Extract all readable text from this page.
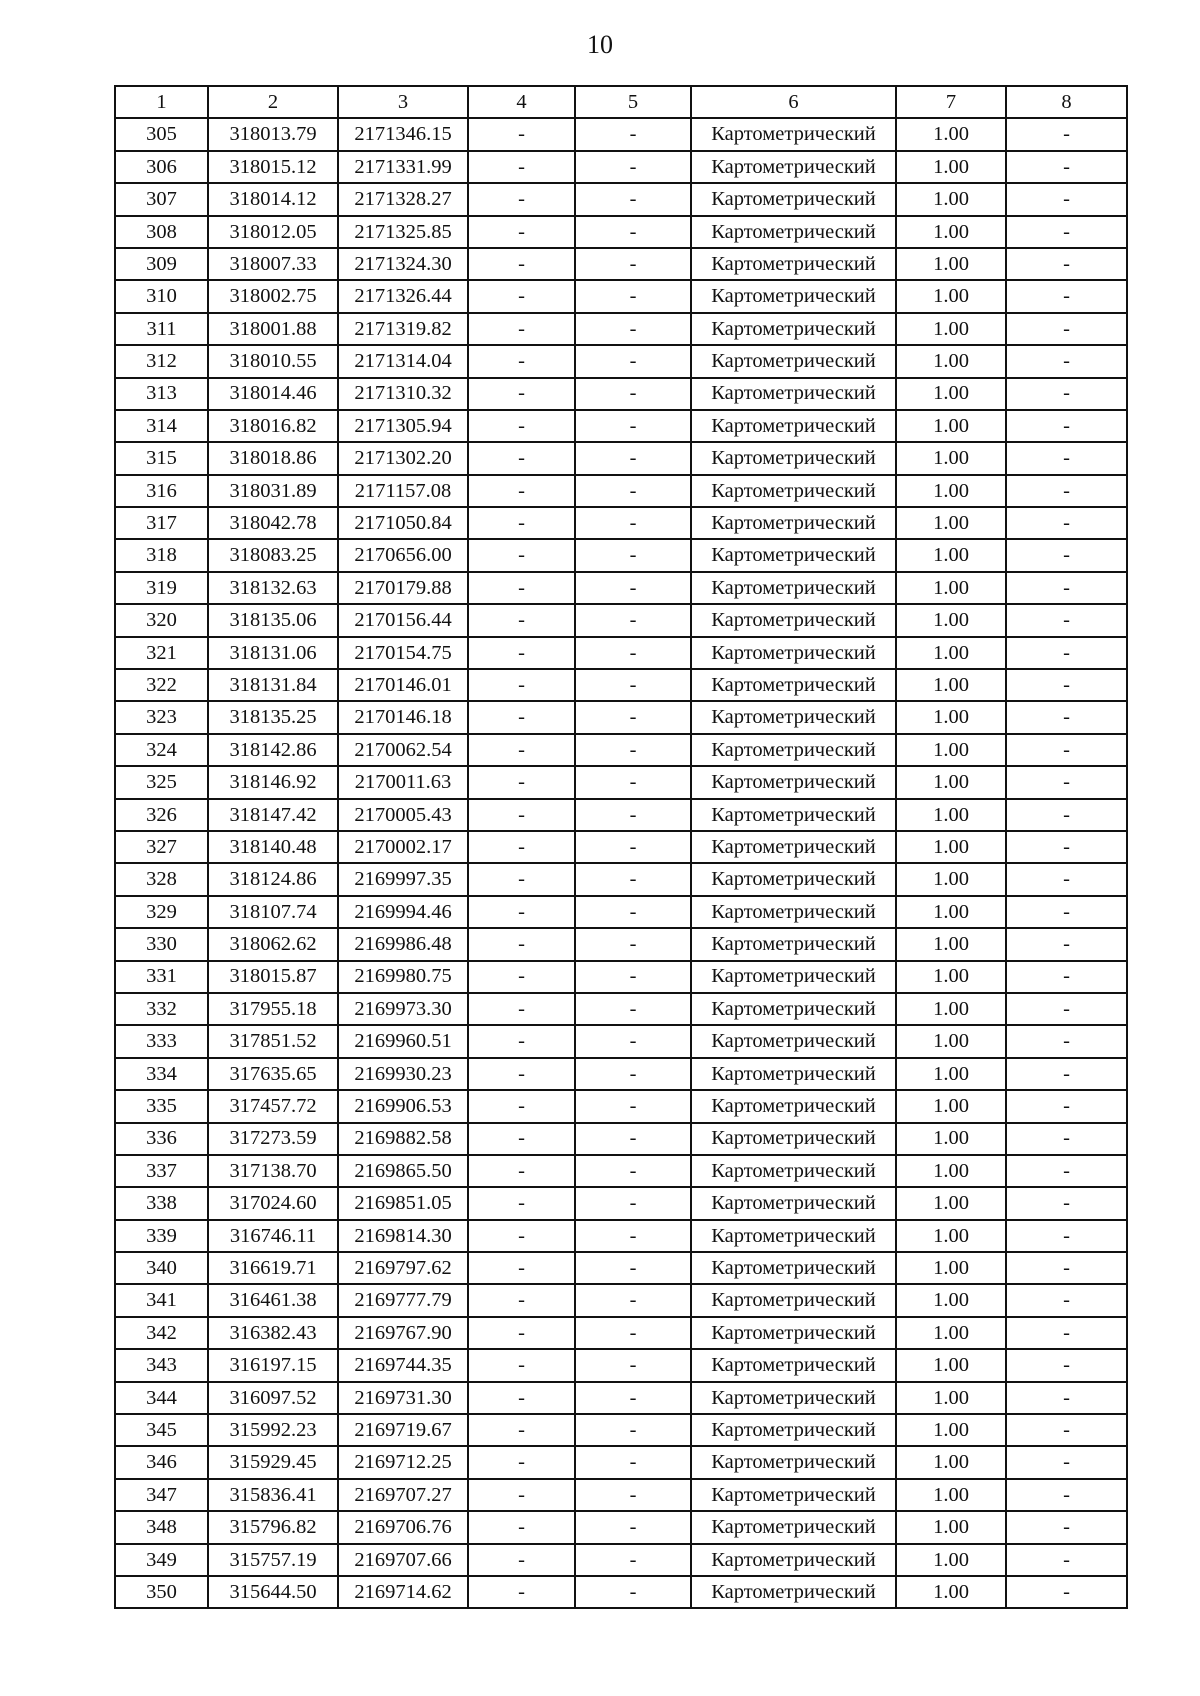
10
1	2	3	4	5	6	7	8
305	318013.79	2171346.15	-	-	Картометрический	1.00	-
306	318015.12	2171331.99	-	-	Картометрический	1.00	-
307	318014.12	2171328.27	-	-	Картометрический	1.00	-
308	318012.05	2171325.85	-	-	Картометрический	1.00	-
309	318007.33	2171324.30	-	-	Картометрический	1.00	-
310	318002.75	2171326.44	-	-	Картометрический	1.00	-
311	318001.88	2171319.82	-	-	Картометрический	1.00	-
312	318010.55	2171314.04	-	-	Картометрический	1.00	-
313	318014.46	2171310.32	-	-	Картометрический	1.00	-
314	318016.82	2171305.94	-	-	Картометрический	1.00	-
315	318018.86	2171302.20	-	-	Картометрический	1.00	-
316	318031.89	2171157.08	-	-	Картометрический	1.00	-
317	318042.78	2171050.84	-	-	Картометрический	1.00	-
318	318083.25	2170656.00	-	-	Картометрический	1.00	-
319	318132.63	2170179.88	-	-	Картометрический	1.00	-
320	318135.06	2170156.44	-	-	Картометрический	1.00	-
321	318131.06	2170154.75	-	-	Картометрический	1.00	-
322	318131.84	2170146.01	-	-	Картометрический	1.00	-
323	318135.25	2170146.18	-	-	Картометрический	1.00	-
324	318142.86	2170062.54	-	-	Картометрический	1.00	-
325	318146.92	2170011.63	-	-	Картометрический	1.00	-
326	318147.42	2170005.43	-	-	Картометрический	1.00	-
327	318140.48	2170002.17	-	-	Картометрический	1.00	-
328	318124.86	2169997.35	-	-	Картометрический	1.00	-
329	318107.74	2169994.46	-	-	Картометрический	1.00	-
330	318062.62	2169986.48	-	-	Картометрический	1.00	-
331	318015.87	2169980.75	-	-	Картометрический	1.00	-
332	317955.18	2169973.30	-	-	Картометрический	1.00	-
333	317851.52	2169960.51	-	-	Картометрический	1.00	-
334	317635.65	2169930.23	-	-	Картометрический	1.00	-
335	317457.72	2169906.53	-	-	Картометрический	1.00	-
336	317273.59	2169882.58	-	-	Картометрический	1.00	-
337	317138.70	2169865.50	-	-	Картометрический	1.00	-
338	317024.60	2169851.05	-	-	Картометрический	1.00	-
339	316746.11	2169814.30	-	-	Картометрический	1.00	-
340	316619.71	2169797.62	-	-	Картометрический	1.00	-
341	316461.38	2169777.79	-	-	Картометрический	1.00	-
342	316382.43	2169767.90	-	-	Картометрический	1.00	-
343	316197.15	2169744.35	-	-	Картометрический	1.00	-
344	316097.52	2169731.30	-	-	Картометрический	1.00	-
345	315992.23	2169719.67	-	-	Картометрический	1.00	-
346	315929.45	2169712.25	-	-	Картометрический	1.00	-
347	315836.41	2169707.27	-	-	Картометрический	1.00	-
348	315796.82	2169706.76	-	-	Картометрический	1.00	-
349	315757.19	2169707.66	-	-	Картометрический	1.00	-
350	315644.50	2169714.62	-	-	Картометрический	1.00	-
